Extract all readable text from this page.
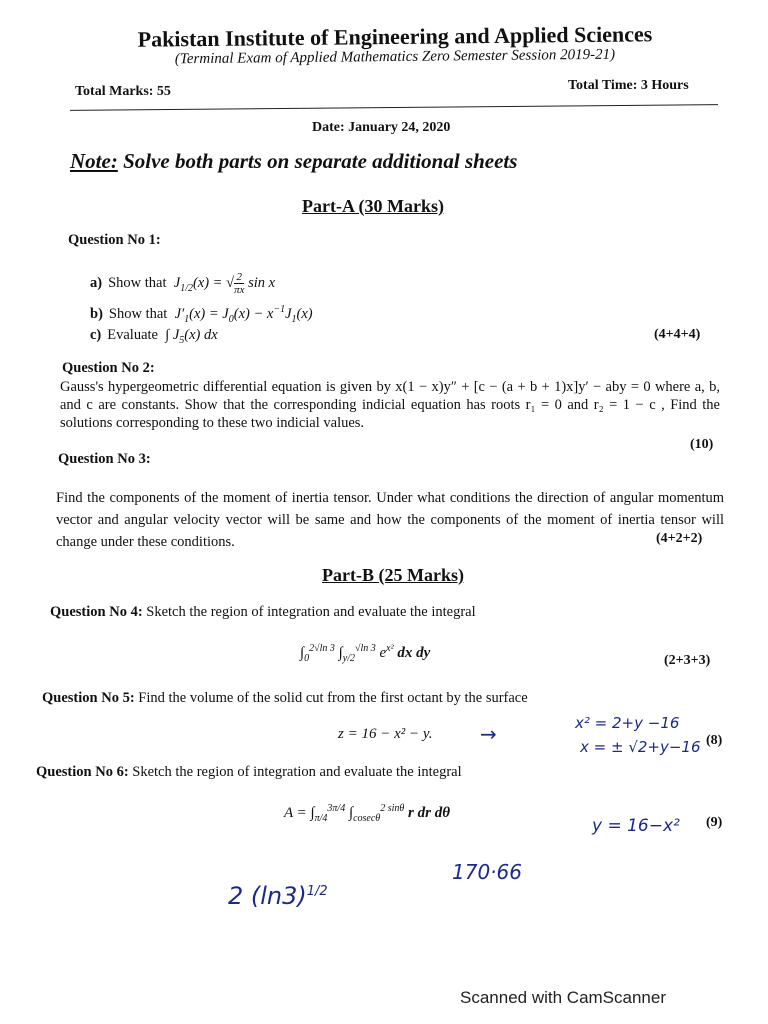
Pakistan Institute of Engineering and Applied Sciences
(Terminal Exam of Applied Mathematics Zero Semester Session 2019-21)
Total Marks: 55	Total Time: 3 Hours
Date: January 24, 2020
Note: Solve both parts on separate additional sheets
Part-A (30 Marks)
Question No 1:
a) Show that  $J_{1/2}(x)$ = √ $\frac{2}{\pi x}$ sin x
b) Show that  $J'_1(x) = J_0(x) - x^{-1}J_1(x)$
c) Evaluate  ∫ $J_5(x)$ dx	(4+4+4)
Question No 2:
Gauss's hypergeometric differential equation is given by x(1 − x)y″ + [c − (a + b + 1)x]y′ − aby = 0 where a, b, and c are constants. Show that the corresponding indicial equation has roots r₁ = 0 and r₂ = 1 − c , Find the solutions corresponding to these two indicial values.
(10)
Question No 3:
Find the components of the moment of inertia tensor. Under what conditions the direction of angular momentum vector and angular velocity vector will be same and how the components of the moment of inertia tensor will change under these conditions.	(4+2+2)
Part-B (25 Marks)
Question No 4: Sketch the region of integration and evaluate the integral
$\int_0^{2√ln 3}$ $\int_{y/2}^{√ln 3}$ $e^{x^2}$ dx dy	(2+3+3)
Question No 5: Find the volume of the solid cut from the first octant by the surface
z = 16 − x² − y.	(8)
Question No 6: Sketch the region of integration and evaluate the integral
$A = \int_{\pi/4}^{3\pi/4}$ $\int_{coseс\theta}^{2 sin\theta}$ r dr dθ
(9)
→	x² = 2+y −16
x = ± √2+y−16
y = 16−x²
2 $(\ln 3)^{1/2}$
170·66
Scanned with CamScanner
